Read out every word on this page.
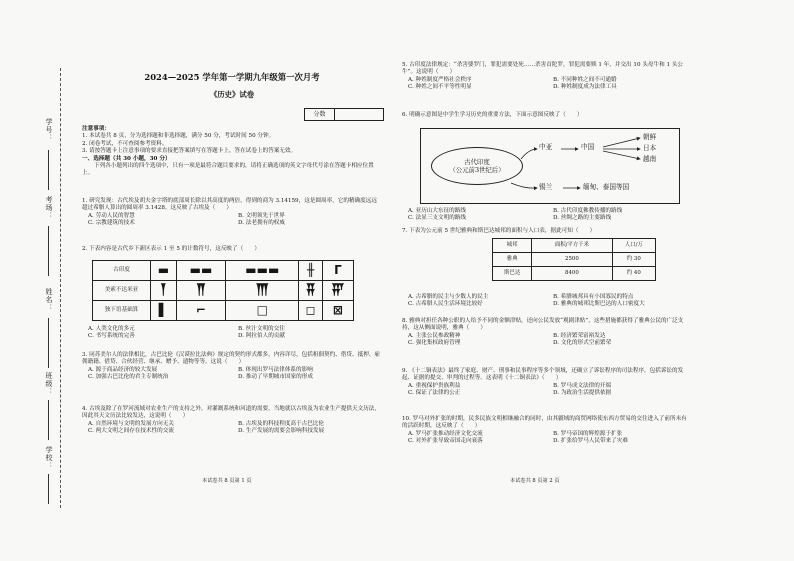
学号：
考场：
姓名：
班级：
学校：
2024—2025 学年第一学期九年级第一次月考
《历史》试卷
分数

注意事项：

1. 本试卷共 8 页，分为选择题和非选择题，满分 50 分，考试时间 50 分钟。

2. 闭卷考试，不可查阅参考资料。

3. 请按答题卡上注意事项的要求直接把答案填写在答题卡上，答在试卷上的答案无效。

一、选择题（共 30 小题，30 分）

下列各小题列出的四个选项中，只有一项是最符合题目要求的，请将正确选项的英文字母代号涂在答题卡相应位置上。

1. 研究发现：古代埃及胡夫金字塔的底部周长除以其高度的两倍，得到的商为 3.14159，这是圆周率，它的精确度远远超过希腊人算出的圆周率 3.1428。这反映了古埃及（　　）

A. 劳动人民的智慧	B. 文明领先于世界
C. 宗教建筑的技术	D. 法老拥有的权威
2. 下表内容是古代乡下新区表示 1 至 5 的计数符号，这反映了（　　）
古印度	▬	▬▬	▬▬▬	╫	Γ
美索不达米亚	𒐕	𒐖	𒐗	𒐘	𒐙
独下语基础算	▌	⌐	□	◻	⊠
A. 人类文化的多元	B. 丝汁文明的交往
C. 书写系统的完善	D. 阿拉伯人的贡献

3. 同苏美尔人的法律相比，古巴比伦《汉谟拉比法典》规定的契约形式都多，内容详尽，包括租佃契约、借贷、抵押、雇佣籍籍、借贷、合伙经营、继承、赠予、遗物等等。这说（　　）

A. 源于商品经济的较大发展	B. 体现出罗马法律体系的影响
C. 加强古巴比伦的君主专制统治	D. 推动了早期城市国家的形成

4. 古埃及除了在罗河流域对农业生产的支持之外，对灌溉系统和河道的需要，当地就以古埃及为农业生产提供天文历法，因此其天文历法比较发达，这说明（　　）

A. 自然环境与文明的发展方向无关	B. 古埃及的科技程度高于古巴比伦
C. 两大文明之间存在技术性的交流	D. 生产发展的需要会影响科技发展
本试卷共 8 页第 1 页

5. 古印度法律规定：“杀害婆罗门，罪犯需要处死……杀害首陀罗，罪犯需要赎 1 年，并交出 10 头母牛和 1 头公牛”。这说明（　　）

A. 种姓制度严格社会秩序	B. 不同种姓之间不可通婚
C. 种姓之间不平等性明显	D. 种姓制度成为法律工具
6. 明确示意图是中学生学习历史的重要方法，下面示意图反映了（　　）
古代印度
（公元前3世纪后）
中亚	中国
朝鲜
日本
越南
锡兰	缅甸、泰国等国
A. 亚历山大东征的路线	B. 古代印度佛教传播的路线
C. 法显三支文明的路线	D. 丝绸之路的主要路线
7. 下表为公元前 5 世纪雅典和斯巴达城邦的面积与人口表，据此可知（　　）
城邦	面积/平方千米	人口/万
雅典	2500	约 30
斯巴达	8400	约 40
A. 古希腊的民主与少数人的民主	B. 希腊城邦具有小国寡民的特点
C. 古希腊人民生活环境比较好	D. 雅典的城邦比斯巴达的人口密度大

8. 雅典对担任各种公职的人给予不同的金额津贴，还向公民发放“观剧津贴”，这些措施都获得了雅典公民的广泛支持，这从侧面说明，雅典（　　）

A. 主张公民参政精神	B. 经济繁荣富裕发达
C. 强化集权政府管理	D. 文化的形式空前繁荣

9. 《十二铜表法》最终了家庭、财产、刑事和民事程序等多个领域，还确立了诉讼程序的司法程序，包括诉讼的发起、证据的提交、审判的过程等。这表明《十二铜表法》（　　）

A. 重视保护贵族利益	B. 罗马成文法律的开端
C. 保证了法律的公正	D. 为政治生活提供依据

10. 罗马对外扩张的时期，民多民族文明相继融合的同时，由其疆域的商贸网络使东西方贸易的交往进入了前所未有的活跃时期，这反映了（　　）

A. 罗马扩张推动经济文化交流	B. 罗马帝国的辉煌源于扩张
C. 对外扩张导致帝国走向衰落	D. 扩张给罗马人民带来了灾难
本试卷共 8 页第 2 页
